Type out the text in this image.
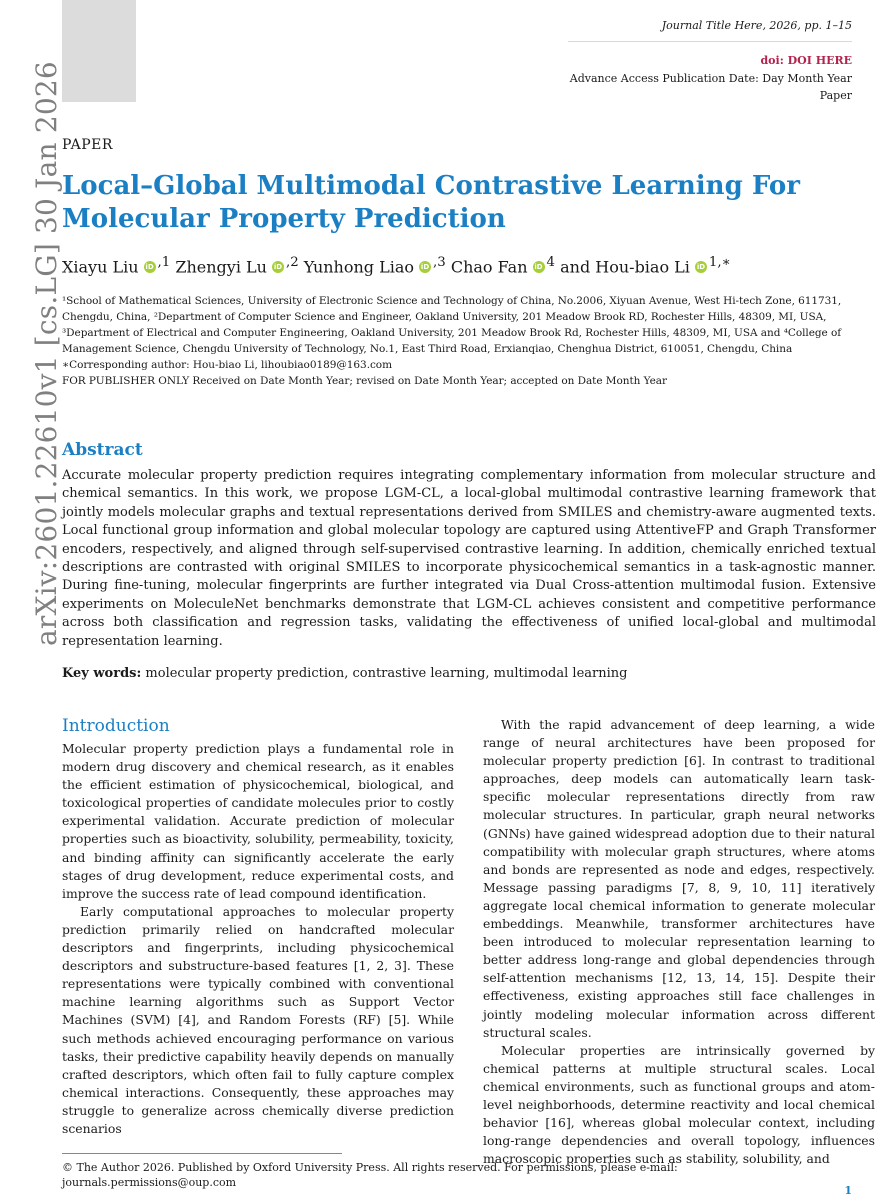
Journal Title Here, 2026, pp. 1–15
doi: DOI HERE
Advance Access Publication Date: Day Month Year
Paper
arXiv:2601.22610v1 [cs.LG] 30 Jan 2026 PAPER
Local–Global Multimodal Contrastive Learning For Molecular Property Prediction
Xiayu Liu iD $^{,1}$ Zhengyi Lu iD $^{,2}$ Yunhong Liao iD $^{,3}$ Chao Fan iD $^4$ and Hou-biao Li iD $^{1,∗}$

¹School of Mathematical Sciences, University of Electronic Science and Technology of China, No.2006, Xiyuan Avenue, West Hi-tech Zone, 611731, Chengdu, China, ²Department of Computer Science and Engineer, Oakland University, 201 Meadow Brook RD, Rochester Hills, 48309, MI, USA, ³Department of Electrical and Computer Engineering, Oakland University, 201 Meadow Brook Rd, Rochester Hills, 48309, MI, USA and ⁴College of Management Science, Chengdu University of Technology, No.1, East Third Road, Erxianqiao, Chenghua District, 610051, Chengdu, China

∗Corresponding author: Hou-biao Li, lihoubiao0189@163.com

FOR PUBLISHER ONLY Received on Date Month Year; revised on Date Month Year; accepted on Date Month Year

Abstract

Accurate molecular property prediction requires integrating complementary information from molecular structure and chemical semantics. In this work, we propose LGM-CL, a local-global multimodal contrastive learning framework that jointly models molecular graphs and textual representations derived from SMILES and chemistry-aware augmented texts. Local functional group information and global molecular topology are captured using AttentiveFP and Graph Transformer encoders, respectively, and aligned through self-supervised contrastive learning. In addition, chemically enriched textual descriptions are contrasted with original SMILES to incorporate physicochemical semantics in a task-agnostic manner. During fine-tuning, molecular fingerprints are further integrated via Dual Cross-attention multimodal fusion. Extensive experiments on MoleculeNet benchmarks demonstrate that LGM-CL achieves consistent and competitive performance across both classification and regression tasks, validating the effectiveness of unified local-global and multimodal representation learning.

Key words: molecular property prediction, contrastive learning, multimodal learning
Introduction

Molecular property prediction plays a fundamental role in modern drug discovery and chemical research, as it enables the efficient estimation of physicochemical, biological, and toxicological properties of candidate molecules prior to costly experimental validation. Accurate prediction of molecular properties such as bioactivity, solubility, permeability, toxicity, and binding affinity can significantly accelerate the early stages of drug development, reduce experimental costs, and improve the success rate of lead compound identification.

Early computational approaches to molecular property prediction primarily relied on handcrafted molecular descriptors and fingerprints, including physicochemical descriptors and substructure-based features [1, 2, 3]. These representations were typically combined with conventional machine learning algorithms such as Support Vector Machines (SVM) [4], and Random Forests (RF) [5]. While such methods achieved encouraging performance on various tasks, their predictive capability heavily depends on manually crafted descriptors, which often fail to fully capture complex chemical interactions. Consequently, these approaches may struggle to generalize across chemically diverse prediction scenarios

With the rapid advancement of deep learning, a wide range of neural architectures have been proposed for molecular property prediction [6]. In contrast to traditional approaches, deep models can automatically learn task-specific molecular representations directly from raw molecular structures. In particular, graph neural networks (GNNs) have gained widespread adoption due to their natural compatibility with molecular graph structures, where atoms and bonds are represented as node and edges, respectively. Message passing paradigms [7, 8, 9, 10, 11] iteratively aggregate local chemical information to generate molecular embeddings. Meanwhile, transformer architectures have been introduced to molecular representation learning to better address long-range and global dependencies through self-attention mechanisms [12, 13, 14, 15]. Despite their effectiveness, existing approaches still face challenges in jointly modeling molecular information across different structural scales.

Molecular properties are intrinsically governed by chemical patterns at multiple structural scales. Local chemical environments, such as functional groups and atom-level neighborhoods, determine reactivity and local chemical behavior [16], whereas global molecular context, including long-range dependencies and overall topology, influences macroscopic properties such as stability, solubility, and

© The Author 2026. Published by Oxford University Press. All rights reserved. For permissions, please e-mail: journals.permissions@oup.com
1
